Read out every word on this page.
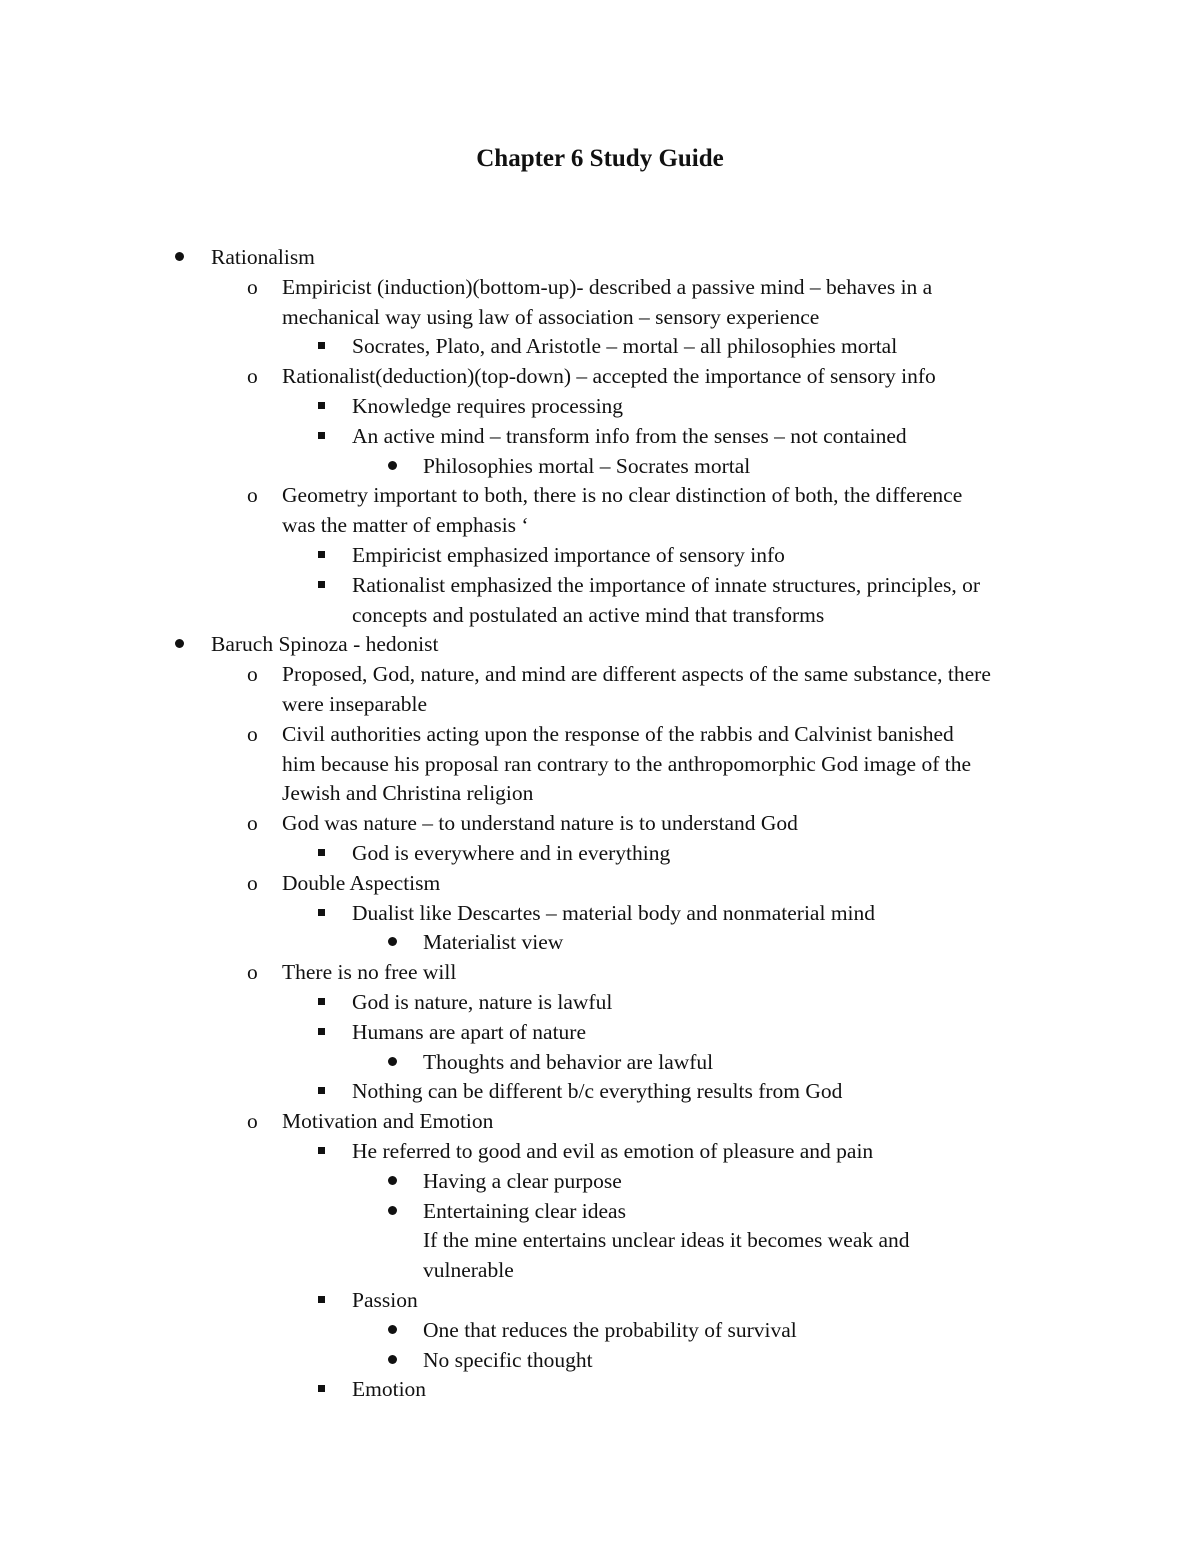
Chapter 6 Study Guide
Rationalism
o Empiricist (induction)(bottom-up)- described a passive mind – behaves in a
mechanical way using law of association – sensory experience
Socrates, Plato, and Aristotle – mortal – all philosophies mortal
o Rationalist(deduction)(top-down) – accepted the importance of sensory info
Knowledge requires processing
An active mind – transform info from the senses – not contained
Philosophies mortal – Socrates mortal
o Geometry important to both, there is no clear distinction of both, the difference
was the matter of emphasis ‘
Empiricist emphasized importance of sensory info
Rationalist emphasized the importance of innate structures, principles, or
concepts and postulated an active mind that transforms
Baruch Spinoza - hedonist
o Proposed, God, nature, and mind are different aspects of the same substance, there
were inseparable
o Civil authorities acting upon the response of the rabbis and Calvinist banished
him because his proposal ran contrary to the anthropomorphic God image of the
Jewish and Christina religion
o God was nature – to understand nature is to understand God
God is everywhere and in everything
o Double Aspectism
Dualist like Descartes – material body and nonmaterial mind
Materialist view
o There is no free will
God is nature, nature is lawful
Humans are apart of nature
Thoughts and behavior are lawful
Nothing can be different b/c everything results from God
o Motivation and Emotion
He referred to good and evil as emotion of pleasure and pain
Having a clear purpose
Entertaining clear ideas
If the mine entertains unclear ideas it becomes weak and
vulnerable
Passion
One that reduces the probability of survival
No specific thought
Emotion
